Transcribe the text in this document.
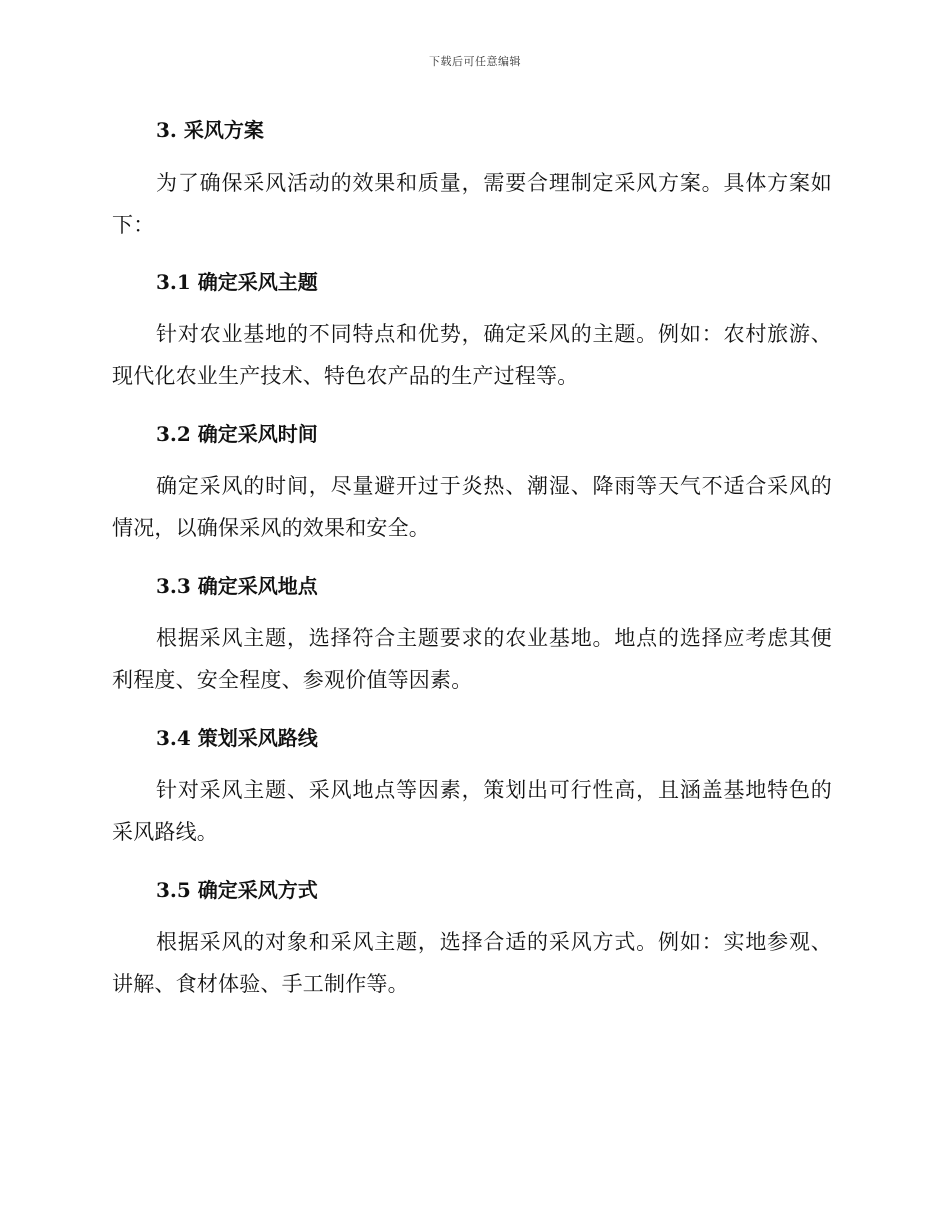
下载后可任意编辑
3. 采风方案
为了确保采风活动的效果和质量，需要合理制定采风方案。具体方案如下：
3.1 确定采风主题
针对农业基地的不同特点和优势，确定采风的主题。例如：农村旅游、现代化农业生产技术、特色农产品的生产过程等。
3.2 确定采风时间
确定采风的时间，尽量避开过于炎热、潮湿、降雨等天气不适合采风的情况，以确保采风的效果和安全。
3.3 确定采风地点
根据采风主题，选择符合主题要求的农业基地。地点的选择应考虑其便利程度、安全程度、参观价值等因素。
3.4 策划采风路线
针对采风主题、采风地点等因素，策划出可行性高，且涵盖基地特色的采风路线。
3.5 确定采风方式
根据采风的对象和采风主题，选择合适的采风方式。例如：实地参观、讲解、食材体验、手工制作等。
